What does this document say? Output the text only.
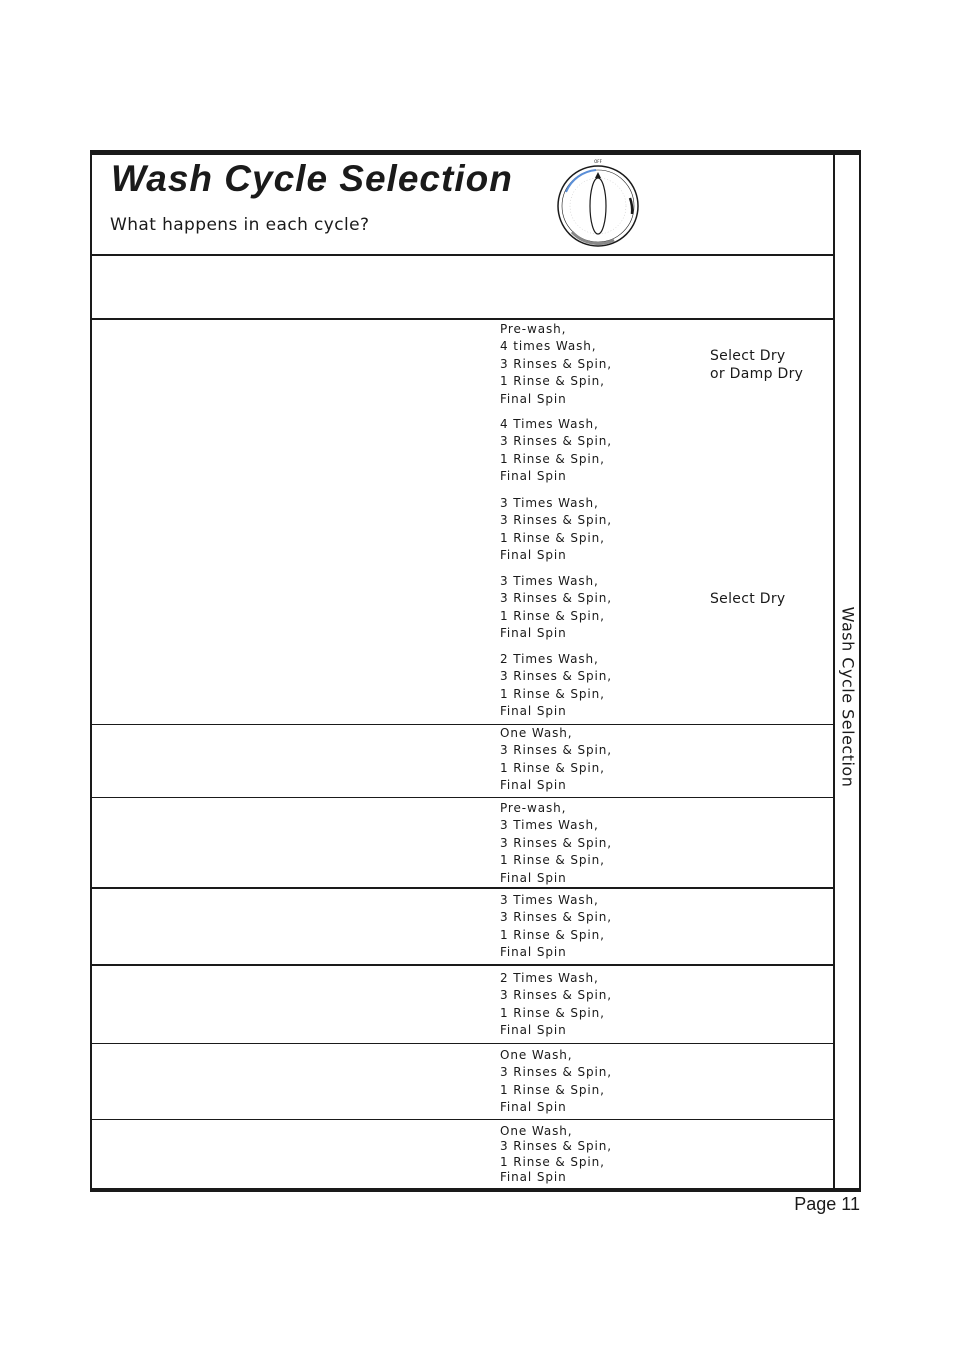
Wash Cycle Selection
Wash Cycle Selection
What happens in each cycle?
OFF
Pre-wash,
4 times Wash,
3 Rinses & Spin,
1 Rinse & Spin,
Final Spin
4 Times Wash,
3 Rinses & Spin,
1 Rinse & Spin,
Final Spin
3 Times Wash,
3 Rinses & Spin,
1 Rinse & Spin,
Final Spin
3 Times Wash,
3 Rinses & Spin,
1 Rinse & Spin,
Final Spin
2 Times Wash,
3 Rinses & Spin,
1 Rinse & Spin,
Final Spin
One Wash,
3 Rinses & Spin,
1 Rinse & Spin,
Final Spin
Pre-wash,
3 Times Wash,
3 Rinses & Spin,
1 Rinse & Spin,
Final Spin
3 Times Wash,
3 Rinses & Spin,
1 Rinse & Spin,
Final Spin
2 Times Wash,
3 Rinses & Spin,
1 Rinse & Spin,
Final Spin
One Wash,
3 Rinses & Spin,
1 Rinse & Spin,
Final Spin
One Wash,
3 Rinses & Spin,
1 Rinse & Spin,
Final Spin
Select Dry
or Damp Dry
Select Dry
Page 11
